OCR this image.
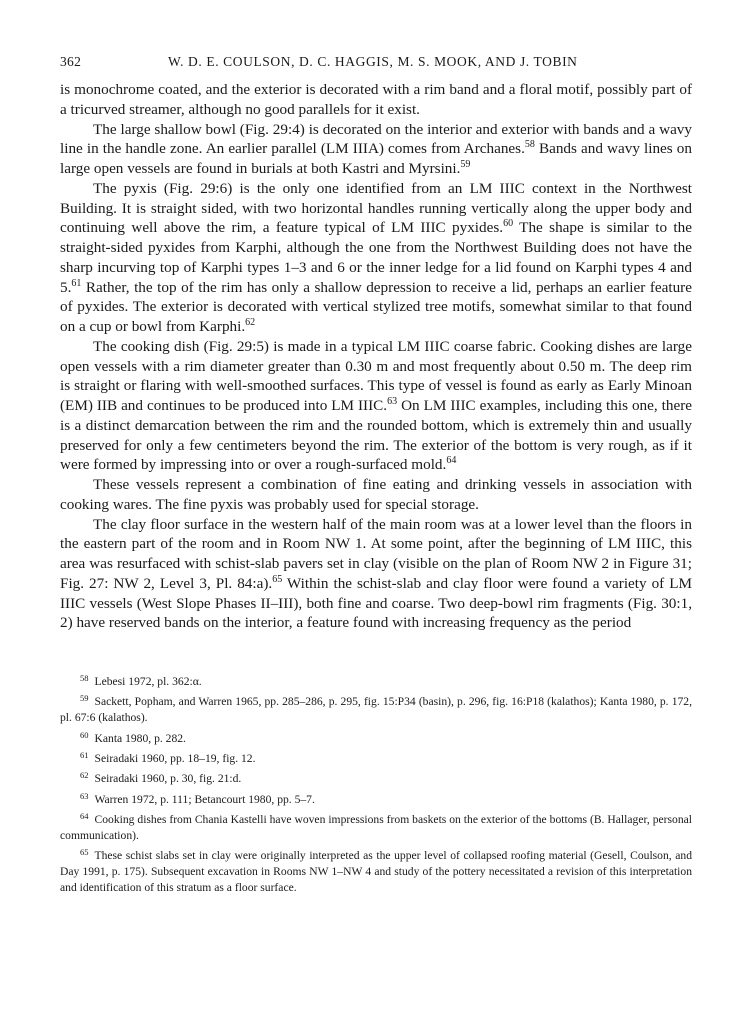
362	W. D. E. COULSON, D. C. HAGGIS, M. S. MOOK, AND J. TOBIN

is monochrome coated, and the exterior is decorated with a rim band and a floral motif, possibly part of a tricurved streamer, although no good parallels for it exist.

The large shallow bowl (Fig. 29:4) is decorated on the interior and exterior with bands and a wavy line in the handle zone. An earlier parallel (LM IIIA) comes from Archanes.$^{58}$ Bands and wavy lines on large open vessels are found in burials at both Kastri and Myrsini.$^{59}$

The pyxis (Fig. 29:6) is the only one identified from an LM IIIC context in the Northwest Building. It is straight sided, with two horizontal handles running vertically along the upper body and continuing well above the rim, a feature typical of LM IIIC pyxides.$^{60}$ The shape is similar to the straight-sided pyxides from Karphi, although the one from the Northwest Building does not have the sharp incurving top of Karphi types 1–3 and 6 or the inner ledge for a lid found on Karphi types 4 and 5.61 Rather, the top of the rim has only a shallow depression to receive a lid, perhaps an earlier feature of pyxides. The exterior is decorated with vertical stylized tree motifs, somewhat similar to that found on a cup or bowl from Karphi.$^{62}$

The cooking dish (Fig. 29:5) is made in a typical LM IIIC coarse fabric. Cooking dishes are large open vessels with a rim diameter greater than 0.30 m and most frequently about 0.50 m. The deep rim is straight or flaring with well-smoothed surfaces. This type of vessel is found as early as Early Minoan (EM) IIB and continues to be produced into LM IIIC.$^{63}$ On LM IIIC examples, including this one, there is a distinct demarcation between the rim and the rounded bottom, which is extremely thin and usually preserved for only a few centimeters beyond the rim. The exterior of the bottom is very rough, as if it were formed by impressing into or over a rough-surfaced mold.$^{64}$

These vessels represent a combination of fine eating and drinking vessels in association with cooking wares. The fine pyxis was probably used for special storage.

The clay floor surface in the western half of the main room was at a lower level than the floors in the eastern part of the room and in Room NW 1. At some point, after the beginning of LM IIIC, this area was resurfaced with schist-slab pavers set in clay (visible on the plan of Room NW 2 in Figure 31; Fig. 27: NW 2, Level 3, Pl. 84:a).$^{65}$ Within the schist-slab and clay floor were found a variety of LM IIIC vessels (West Slope Phases II–III), both fine and coarse. Two deep-bowl rim fragments (Fig. 30:1, 2) have reserved bands on the interior, a feature found with increasing frequency as the period

$^{58}$ Lebesi 1972, pl. 362:α.
$^{59}$ Sackett, Popham, and Warren 1965, pp. 285–286, p. 295, fig. 15:P34 (basin), p. 296, fig. 16:P18 (kalathos); Kanta 1980, p. 172, pl. 67:6 (kalathos).
$^{60}$ Kanta 1980, p. 282.
$^{61}$ Seiradaki 1960, pp. 18–19, fig. 12.
$^{62}$ Seiradaki 1960, p. 30, fig. 21:d.
$^{63}$ Warren 1972, p. 111; Betancourt 1980, pp. 5–7.
$^{64}$ Cooking dishes from Chania Kastelli have woven impressions from baskets on the exterior of the bottoms (B. Hallager, personal communication).
$^{65}$ These schist slabs set in clay were originally interpreted as the upper level of collapsed roofing material (Gesell, Coulson, and Day 1991, p. 175). Subsequent excavation in Rooms NW 1–NW 4 and study of the pottery necessitated a revision of this interpretation and identification of this stratum as a floor surface.
